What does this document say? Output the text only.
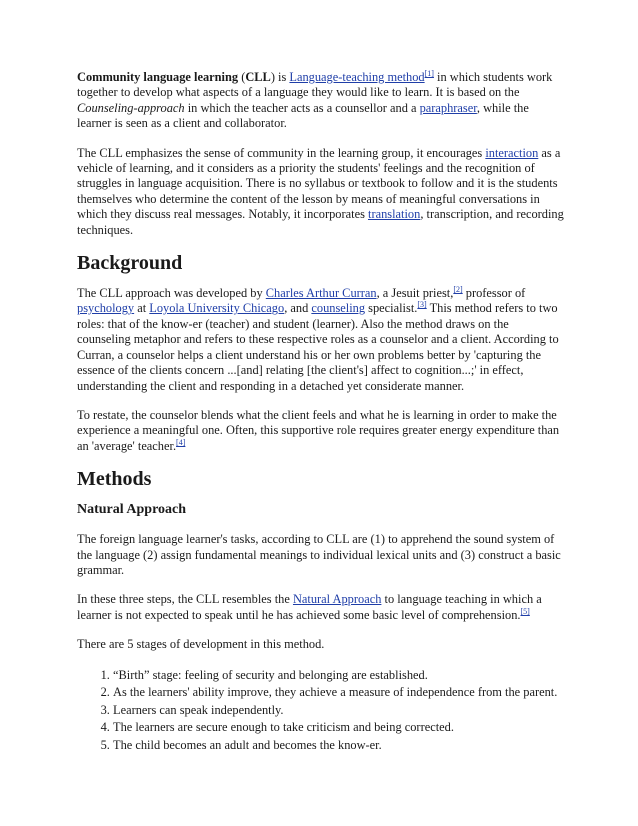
Community language learning (CLL) is Language-teaching method[1] in which students work together to develop what aspects of a language they would like to learn. It is based on the Counseling-approach in which the teacher acts as a counsellor and a paraphraser, while the learner is seen as a client and collaborator.

The CLL emphasizes the sense of community in the learning group, it encourages interaction as a vehicle of learning, and it considers as a priority the students' feelings and the recognition of struggles in language acquisition. There is no syllabus or textbook to follow and it is the students themselves who determine the content of the lesson by means of meaningful conversations in which they discuss real messages. Notably, it incorporates translation, transcription, and recording techniques.

Background

The CLL approach was developed by Charles Arthur Curran, a Jesuit priest,[2] professor of psychology at Loyola University Chicago, and counseling specialist.[3] This method refers to two roles: that of the know-er (teacher) and student (learner). Also the method draws on the counseling metaphor and refers to these respective roles as a counselor and a client. According to Curran, a counselor helps a client understand his or her own problems better by 'capturing the essence of the clients concern ...[and] relating [the client's] affect to cognition...;' in effect, understanding the client and responding in a detached yet considerate manner.

To restate, the counselor blends what the client feels and what he is learning in order to make the experience a meaningful one. Often, this supportive role requires greater energy expenditure than an 'average' teacher.[4]

Methods
Natural Approach

The foreign language learner's tasks, according to CLL are (1) to apprehend the sound system of the language (2) assign fundamental meanings to individual lexical units and (3) construct a basic grammar.

In these three steps, the CLL resembles the Natural Approach to language teaching in which a learner is not expected to speak until he has achieved some basic level of comprehension.[5]

There are 5 stages of development in this method.

1. “Birth” stage: feeling of security and belonging are established.
2. As the learners' ability improve, they achieve a measure of independence from the parent.
3. Learners can speak independently.
4. The learners are secure enough to take criticism and being corrected.
5. The child becomes an adult and becomes the know-er.
